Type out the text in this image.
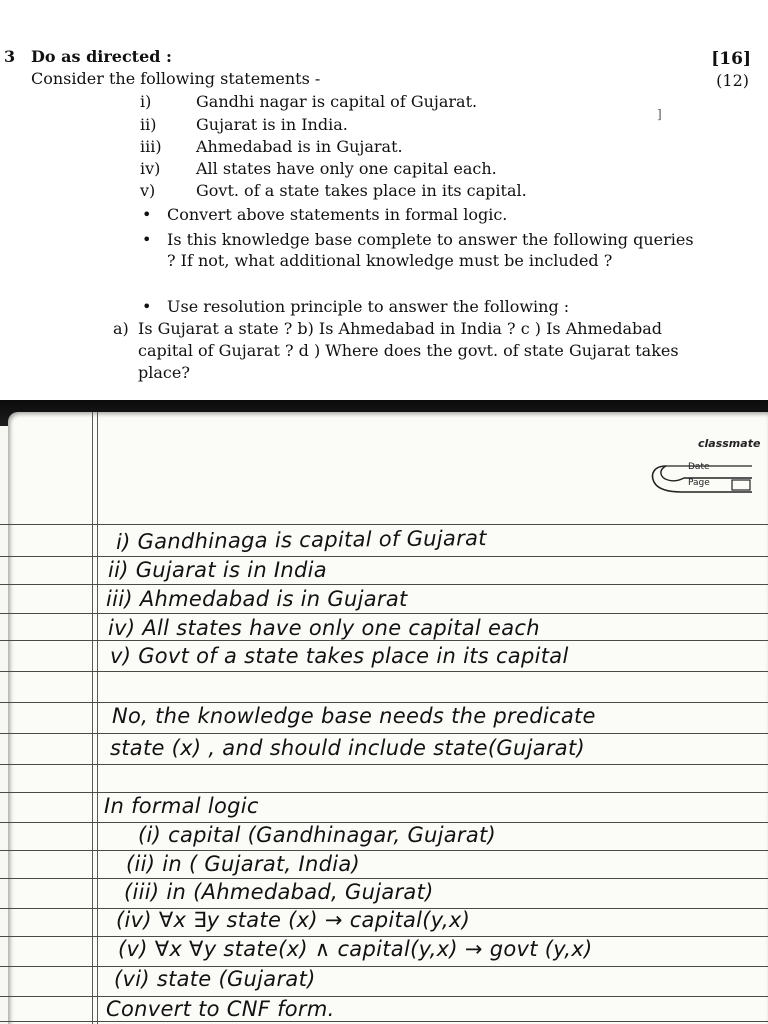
3 Do as directed :	[16]
Consider the following statements -	(12)
]
i)	Gandhi nagar is capital of Gujarat.
ii) Gujarat is in India.
iii) Ahmedabad is in Gujarat.
iv) All states have only one capital each.
v)	Govt. of a state takes place in its capital.
• Convert above statements in formal logic.
• Is this knowledge base complete to answer the following queries ? If not, what additional knowledge must be included ?
• Use resolution principle to answer the following :
a) Is Gujarat a state ? b) Is Ahmedabad in India ? c ) Is Ahmedabad capital of Gujarat ? d ) Where does the govt. of state Gujarat takes place?
classmate
Date
Page
i) Gandhinaga is capital of Gujarat
ii) Gujarat is in India
iii) Ahmedabad is in Gujarat
iv) All states have only one capital each
v) Govt of a state takes place in its capital
No, the knowledge base needs the predicate
state (x) , and should include state(Gujarat)
In formal logic
(i) capital (Gandhinagar, Gujarat)
(ii) in ( Gujarat, India)
(iii) in (Ahmedabad, Gujarat)
(iv) ∀x ∃y state (x) → capital(y,x)
(v) ∀x ∀y state(x) ∧ capital(y,x) → govt (y,x)
(vi) state (Gujarat)
Convert to CNF form.
